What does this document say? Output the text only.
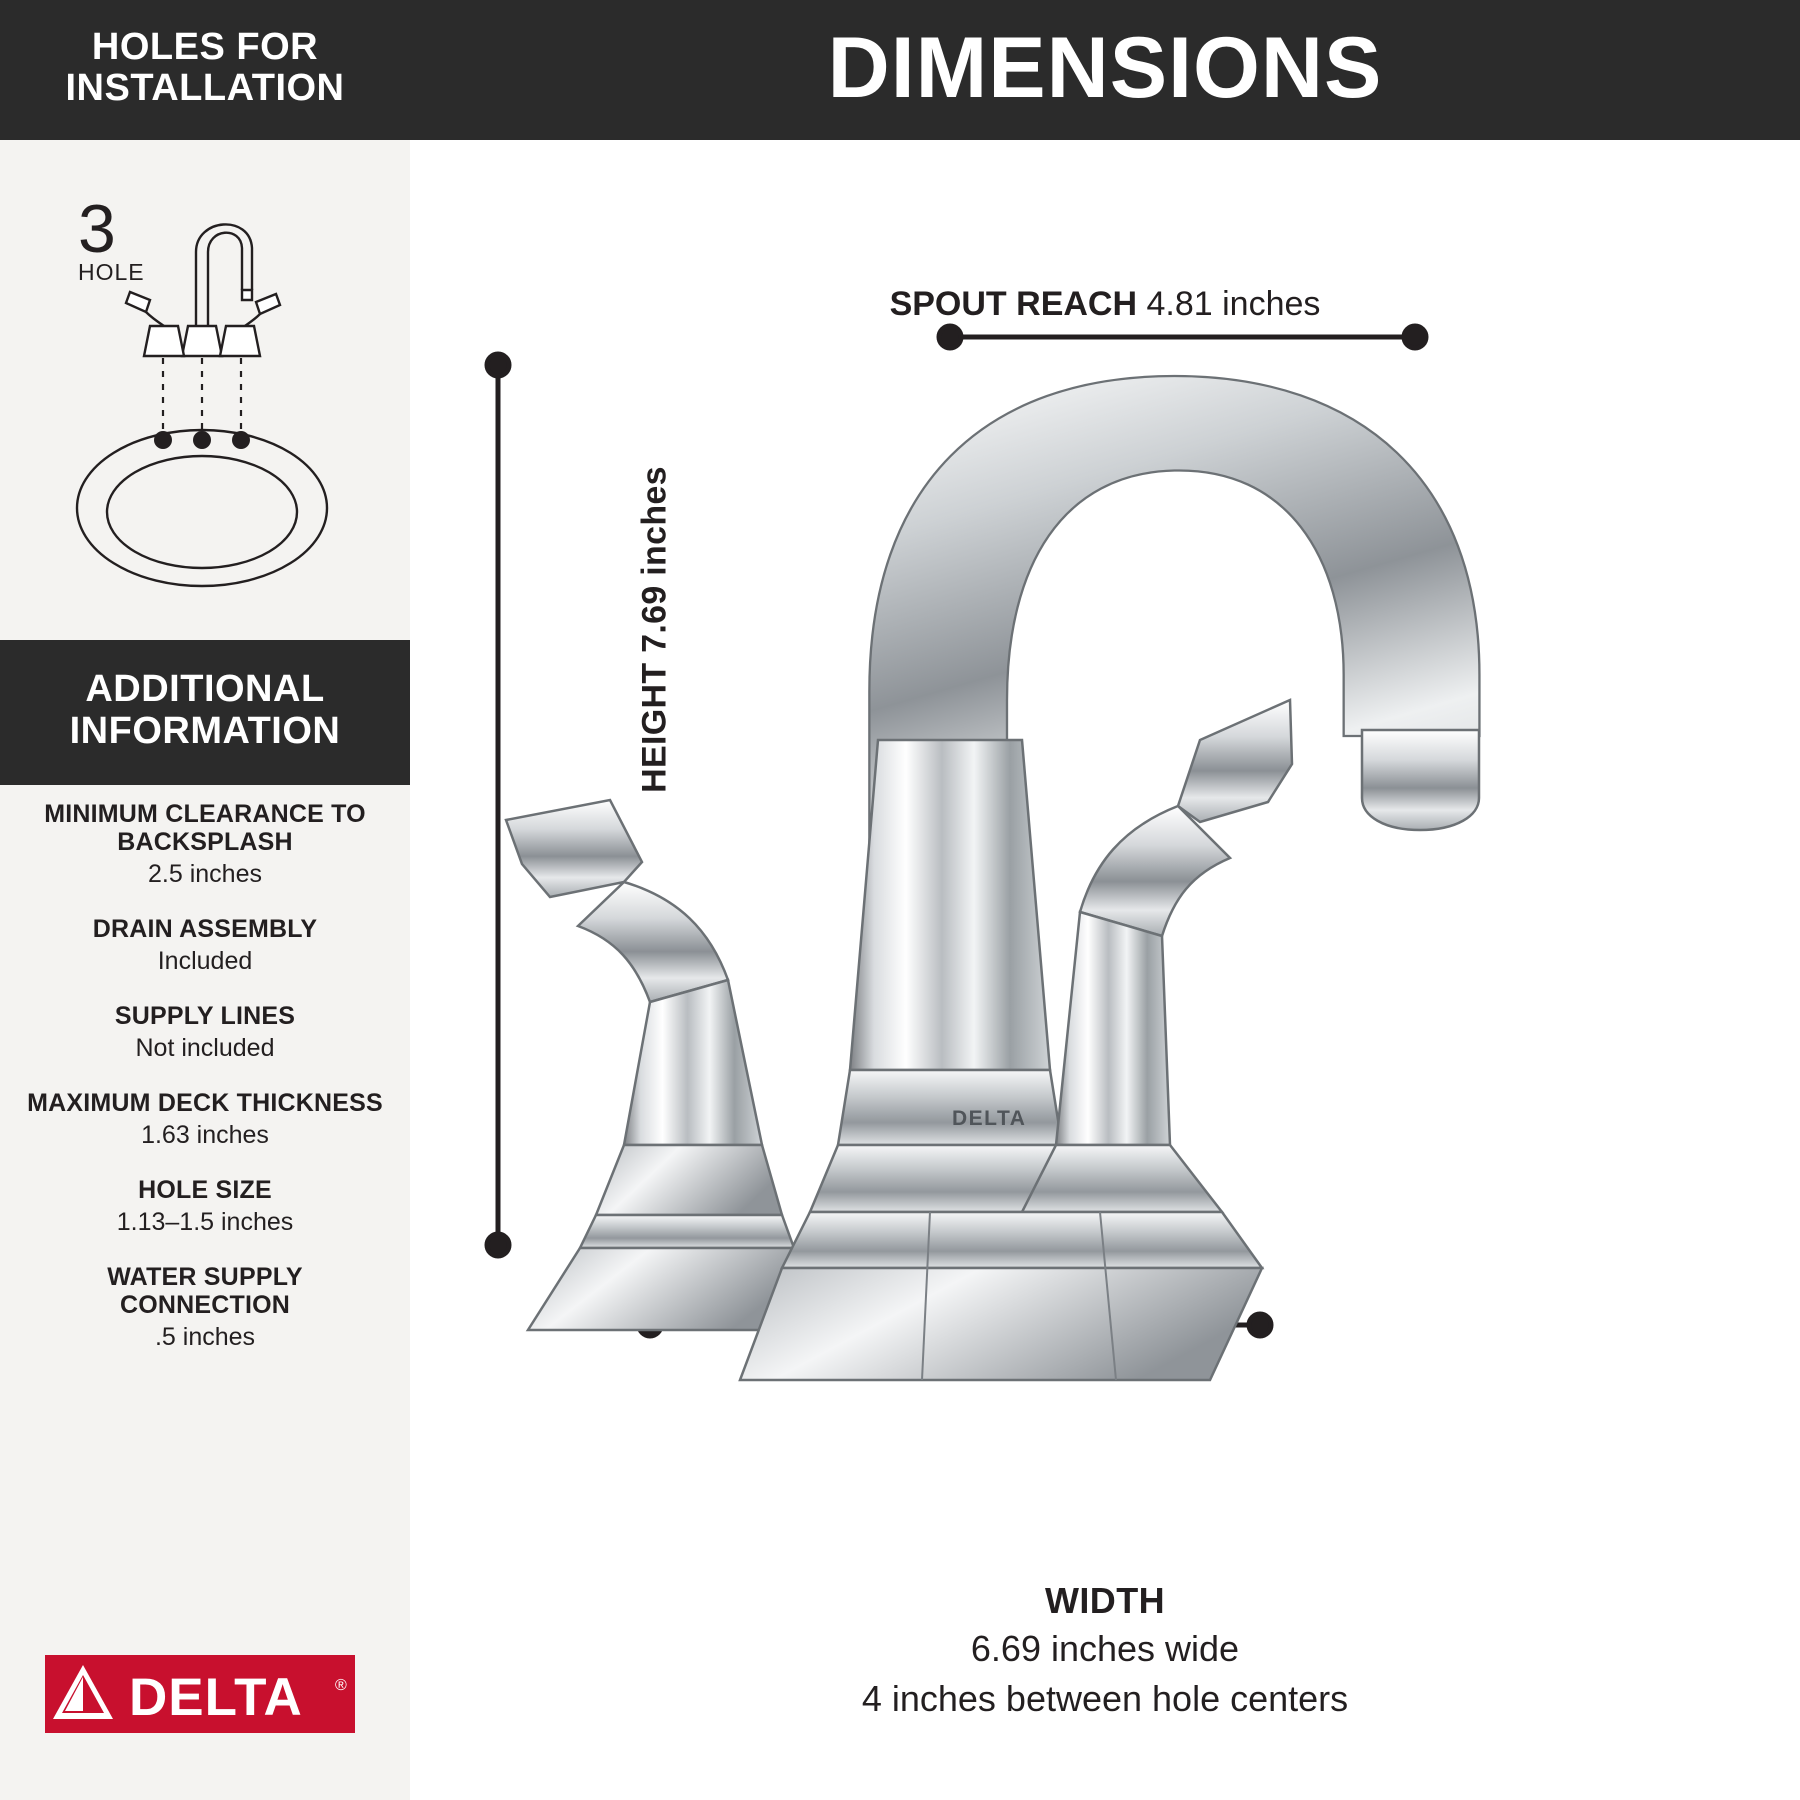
HOLES FOR INSTALLATION
3
HOLE
ADDITIONAL INFORMATION
MINIMUM CLEARANCE TO BACKSPLASH
2.5 inches
DRAIN ASSEMBLY
Included
SUPPLY LINES
Not included
MAXIMUM DECK THICKNESS
1.63 inches
HOLE SIZE
1.13–1.5 inches
WATER SUPPLY CONNECTION
.5 inches
DELTA ®
DIMENSIONS
SPOUT REACH 4.81 inches
HEIGHT 7.69 inches
WIDTH
6.69 inches wide
4 inches between hole centers
DELTA
